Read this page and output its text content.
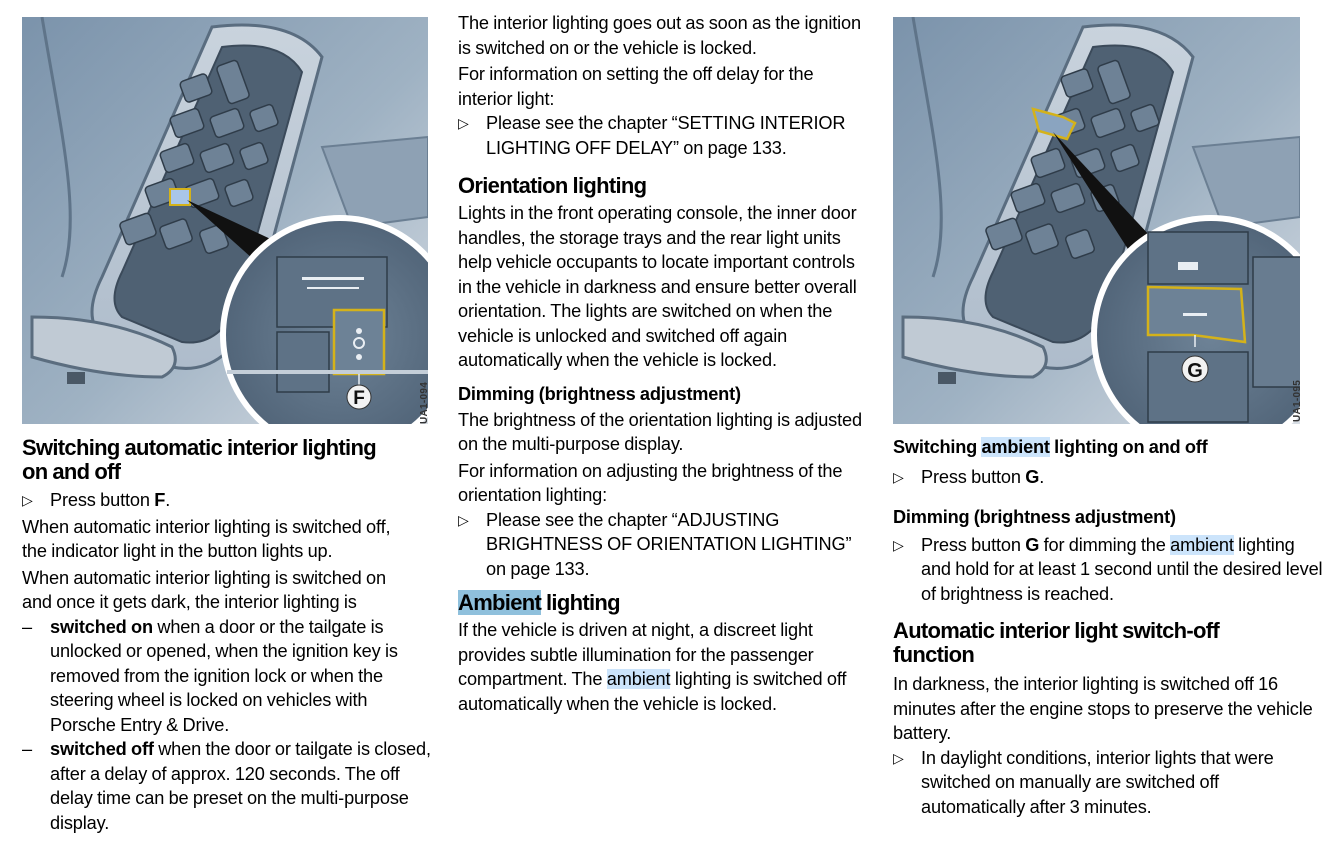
F	UA1-094
Switching automatic interior lighting
on and off
▷ Press button F.
When automatic interior lighting is switched off,
the indicator light in the button lights up.
When automatic interior lighting is switched on
and once it gets dark, the interior lighting is
– switched on when a door or the tailgate is unlocked or opened, when the ignition key is removed from the ignition lock or when the steering wheel is locked on vehicles with Porsche Entry & Drive.
– switched off when the door or tailgate is closed, after a delay of approx. 120 seconds. The off delay time can be preset on the multi-purpose display.
The interior lighting goes out as soon as the ignition is switched on or the vehicle is locked.
For information on setting the off delay for the interior light:
▷ Please see the chapter “SETTING INTERIOR LIGHTING OFF DELAY” on page 133.
Orientation lighting
Lights in the front operating console, the inner door handles, the storage trays and the rear light units help vehicle occupants to locate important controls in the vehicle in darkness and ensure better overall orientation. The lights are switched on when the vehicle is unlocked and switched off again automatically when the vehicle is locked.
Dimming (brightness adjustment)
The brightness of the orientation lighting is adjusted on the multi-purpose display.
For information on adjusting the brightness of the orientation lighting:
▷ Please see the chapter “ADJUSTING BRIGHTNESS OF ORIENTATION LIGHTING” on page 133.
Ambient lighting
If the vehicle is driven at night, a discreet light provides subtle illumination for the passenger compartment. The ambient lighting is switched off automatically when the vehicle is locked.
G
UA1-095
Switching ambient lighting on and off
▷ Press button G.
Dimming (brightness adjustment)
▷ Press button G for dimming the ambient lighting and hold for at least 1 second until the desired level of brightness is reached.
Automatic interior light switch-off
function
In darkness, the interior lighting is switched off 16 minutes after the engine stops to preserve the vehicle battery.
▷ In daylight conditions, interior lights that were switched on manually are switched off automatically after 3 minutes.
